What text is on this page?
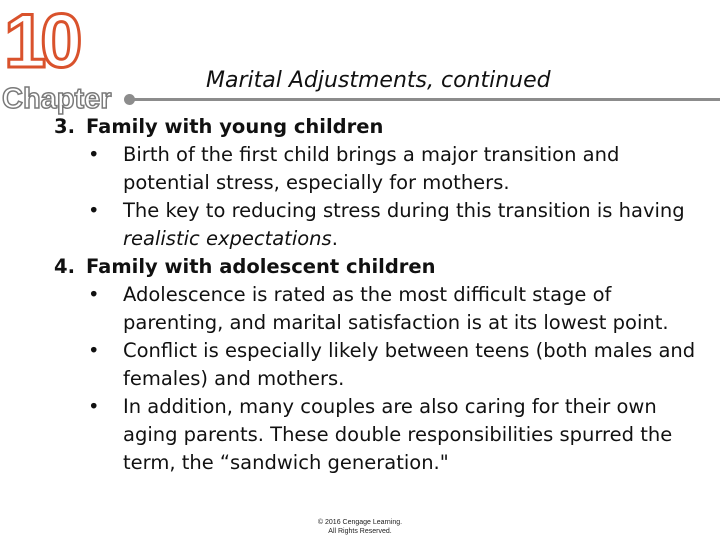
10
Chapter
Marital Adjustments, continued
3. Family with young children
• Birth of the first child brings a major transition and potential stress, especially for mothers.
• The key to reducing stress during this transition is having realistic expectations.
4. Family with adolescent children
• Adolescence is rated as the most difficult stage of parenting, and marital satisfaction is at its lowest point.
• Conflict is especially likely between teens (both males and females) and mothers.
• In addition, many couples are also caring for their own aging parents. These double responsibilities spurred the term, the “sandwich generation."
© 2016 Cengage Learning.
All Rights Reserved.
